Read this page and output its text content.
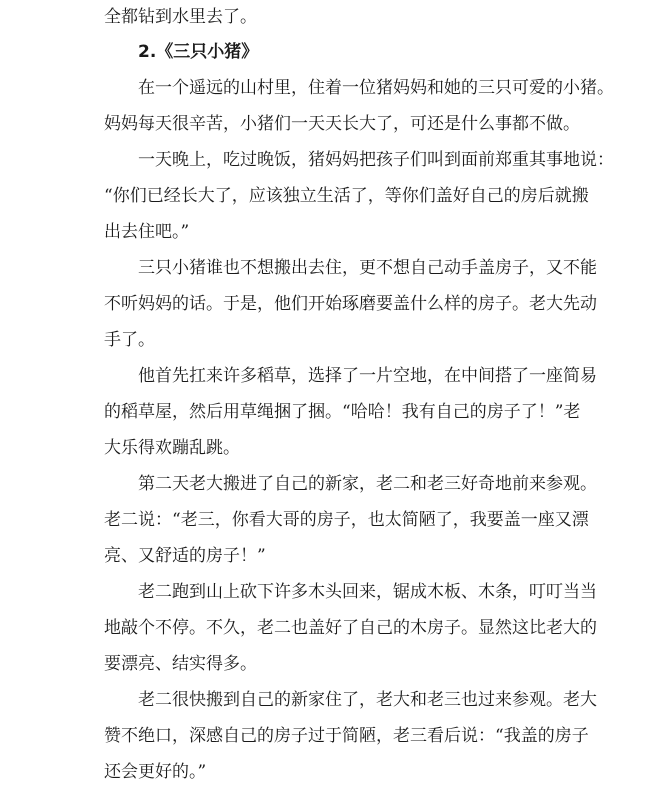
全都钻到水里去了。
2.《三只小猪》
在一个遥远的山村里，住着一位猪妈妈和她的三只可爱的小猪。
妈妈每天很辛苦，小猪们一天天长大了，可还是什么事都不做。
一天晚上，吃过晚饭，猪妈妈把孩子们叫到面前郑重其事地说：
“你们已经长大了，应该独立生活了，等你们盖好自己的房后就搬
出去住吧。”
三只小猪谁也不想搬出去住，更不想自己动手盖房子，又不能
不听妈妈的话。于是，他们开始琢磨要盖什么样的房子。老大先动
手了。
他首先扛来许多稻草，选择了一片空地，在中间搭了一座简易
的稻草屋，然后用草绳捆了捆。“哈哈！我有自己的房子了！”老
大乐得欢蹦乱跳。
第二天老大搬进了自己的新家，老二和老三好奇地前来参观。
老二说：“老三，你看大哥的房子，也太简陋了，我要盖一座又漂
亮、又舒适的房子！”
老二跑到山上砍下许多木头回来，锯成木板、木条，叮叮当当
地敲个不停。不久，老二也盖好了自己的木房子。显然这比老大的
要漂亮、结实得多。
老二很快搬到自己的新家住了，老大和老三也过来参观。老大
赞不绝口，深感自己的房子过于简陋，老三看后说：“我盖的房子
还会更好的。”
